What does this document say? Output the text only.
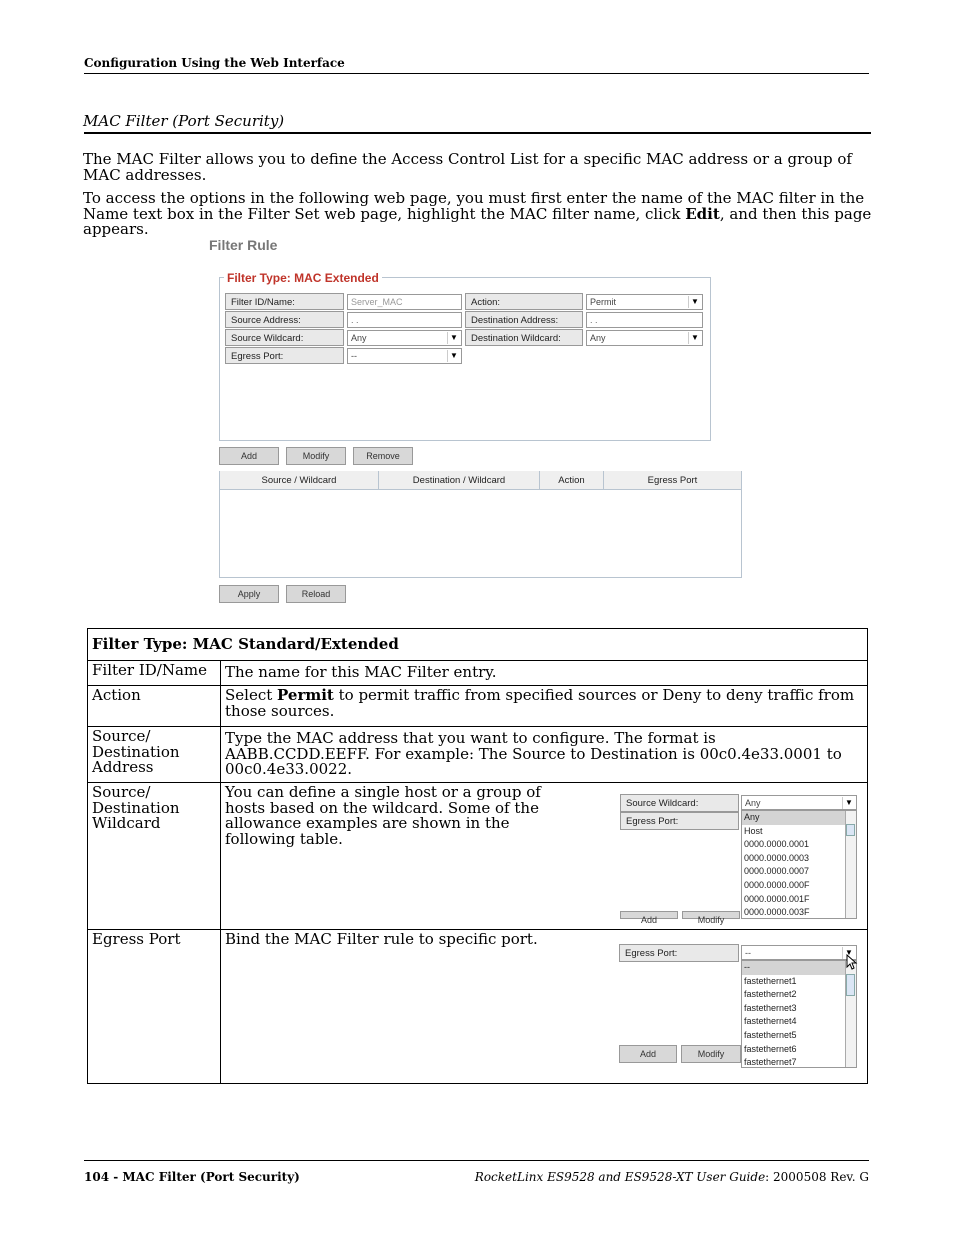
Configuration Using the Web Interface
MAC Filter (Port Security)
The MAC Filter allows you to define the Access Control List for a specific MAC address or a group of MAC addresses.
To access the options in the following web page, you must first enter the name of the MAC filter in the Name text box in the Filter Set web page, highlight the MAC filter name, click Edit, and then this page appears.
Filter Rule
Filter Type: MAC Extended
Filter ID/Name:	Server_MAC	Action:	Permit	▼
Source Address:	. .	Destination Address:	. .
Source Wildcard:	Any	▼	Destination Wildcard:	Any	▼
Egress Port:	--	▼
Add	Modify	Remove
Source / Wildcard	Destination / Wildcard	Action	Egress Port
Apply	Reload
Filter Type: MAC Standard/Extended	
Filter ID/Name	The name for this MAC Filter entry.
Action	Select Permit to permit traffic from specified sources or Deny to deny traffic from those sources.
Source/ Destination Address	Type the MAC address that you want to configure. The format is AABB.CCDD.EEFF. For example: The Source to Destination is 00c0.4e33.0001 to 00c0.4e33.0022.
Source/ Destination Wildcard	You can define a single host or a group of hosts based on the wildcard. Some of the allowance examples are shown in the following table.

Egress Port	Bind the MAC Filter rule to specific port.
Source Wildcard:
Egress Port:
Any	▼
Any
Host
0000.0000.0001
0000.0000.0003
0000.0000.0007
0000.0000.000F
0000.0000.001F
0000.0000.003F
Add	Modify
Egress Port:	--	▼
--
fastethernet1
fastethernet2
fastethernet3
fastethernet4
fastethernet5
fastethernet6
fastethernet7
Add	Modify
104 - MAC Filter (Port Security)	RocketLinx ES9528 and ES9528-XT User Guide: 2000508 Rev. G
